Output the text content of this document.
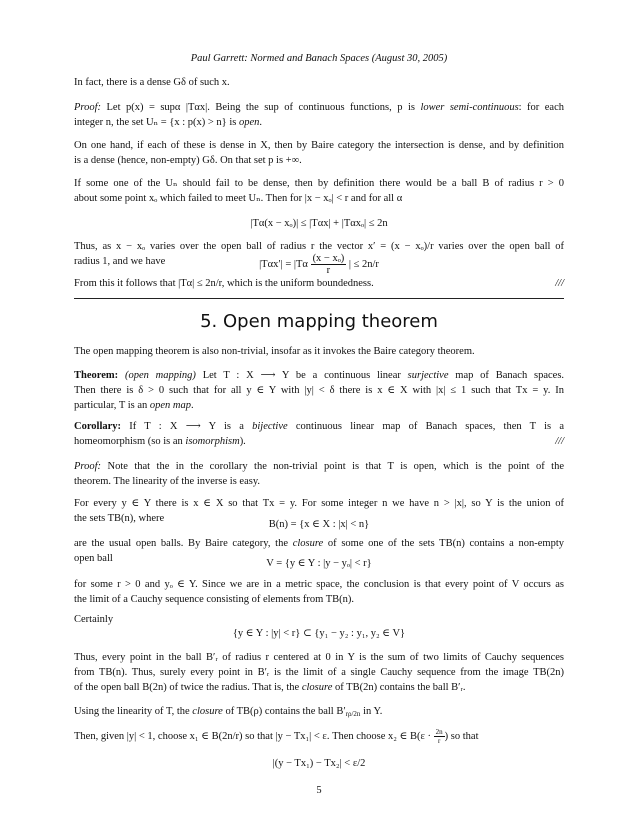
Paul Garrett: Normed and Banach Spaces (August 30, 2005)
In fact, there is a dense Gδ of such x.
Proof: Let p(x) = supα |Tαx|. Being the sup of continuous functions, p is lower semi-continuous: for each
integer n, the set Uₙ = {x : p(x) > n} is open.
On one hand, if each of these is dense in X, then by Baire category the intersection is dense, and by definition
is a dense (hence, non-empty) Gδ. On that set p is +∞.
If some one of the Uₙ should fail to be dense, then by definition there would be a ball B of radius r > 0
about some point xₒ which failed to meet Uₙ. Then for |x − xₒ| < r and for all α
|Tα(x − xₒ)| ≤ |Tαx| + |Tαxₒ| ≤ 2n
Thus, as x − xₒ varies over the open ball of radius r the vector x′ = (x − xₒ)/r varies over the open ball of
radius 1, and we have	$|T\alpha x'| = |T\alpha \frac{\text{(x − xₒ)}}{r}$ | ≤ 2n/r
From this it follows that |Tα| ≤ 2n/r, which is the uniform boundedness.	///
5. Open mapping theorem
The open mapping theorem is also non-trivial, insofar as it invokes the Baire category theorem.
Theorem: (open mapping) Let T : X ⟶ Y be a continuous linear surjective map of Banach spaces.
Then there is δ > 0 such that for all y ∈ Y with |y| < δ there is x ∈ X with |x| ≤ 1 such that Tx = y. In
particular, T is an open map.
Corollary: If T : X ⟶ Y is a bijective continuous linear map of Banach spaces, then T is a
homeomorphism (so is an isomorphism).	///
Proof: Note that the in the corollary the non-trivial point is that T is open, which is the point of the
theorem. The linearity of the inverse is easy.
For every y ∈ Y there is x ∈ X so that Tx = y. For some integer n we have n > |x|, so Y is the union of
the sets TB(n), where
B(n) = {x ∈ X : |x| < n}
are the usual open balls. By Baire category, the closure of some one of the sets TB(n) contains a non-empty
open ball	V = {y ∈ Y : |y − yₒ| < r}
for some r > 0 and yₒ ∈ Y. Since we are in a metric space, the conclusion is that every point of V occurs as
the limit of a Cauchy sequence consisting of elements from TB(n).
Certainly
{y ∈ Y : |y| < r} ⊂ {y₁ − y₂ : y₁, y₂ ∈ V}
Thus, every point in the ball B′ᵣ of radius r centered at 0 in Y is the sum of two limits of Cauchy sequences
from TB(n). Thus, surely every point in B′ᵣ is the limit of a single Cauchy sequence from the image TB(2n)
of the open ball B(2n) of twice the radius. That is, the closure of TB(2n) contains the ball B′ᵣ.
Using the linearity of T, the closure of TB(ρ) contains the ball $B'_{r\rho/2n}$ in Y.
Then, given |y| < 1, choose x₁ ∈ B(2n/r) so that |y − Tx₁| < ε. Then choose x₂ ∈ $B(\varepsilon \cdot \frac{2n}{r}$ ) so that
|(y − Tx₁) − Tx₂| < ε/2
5
